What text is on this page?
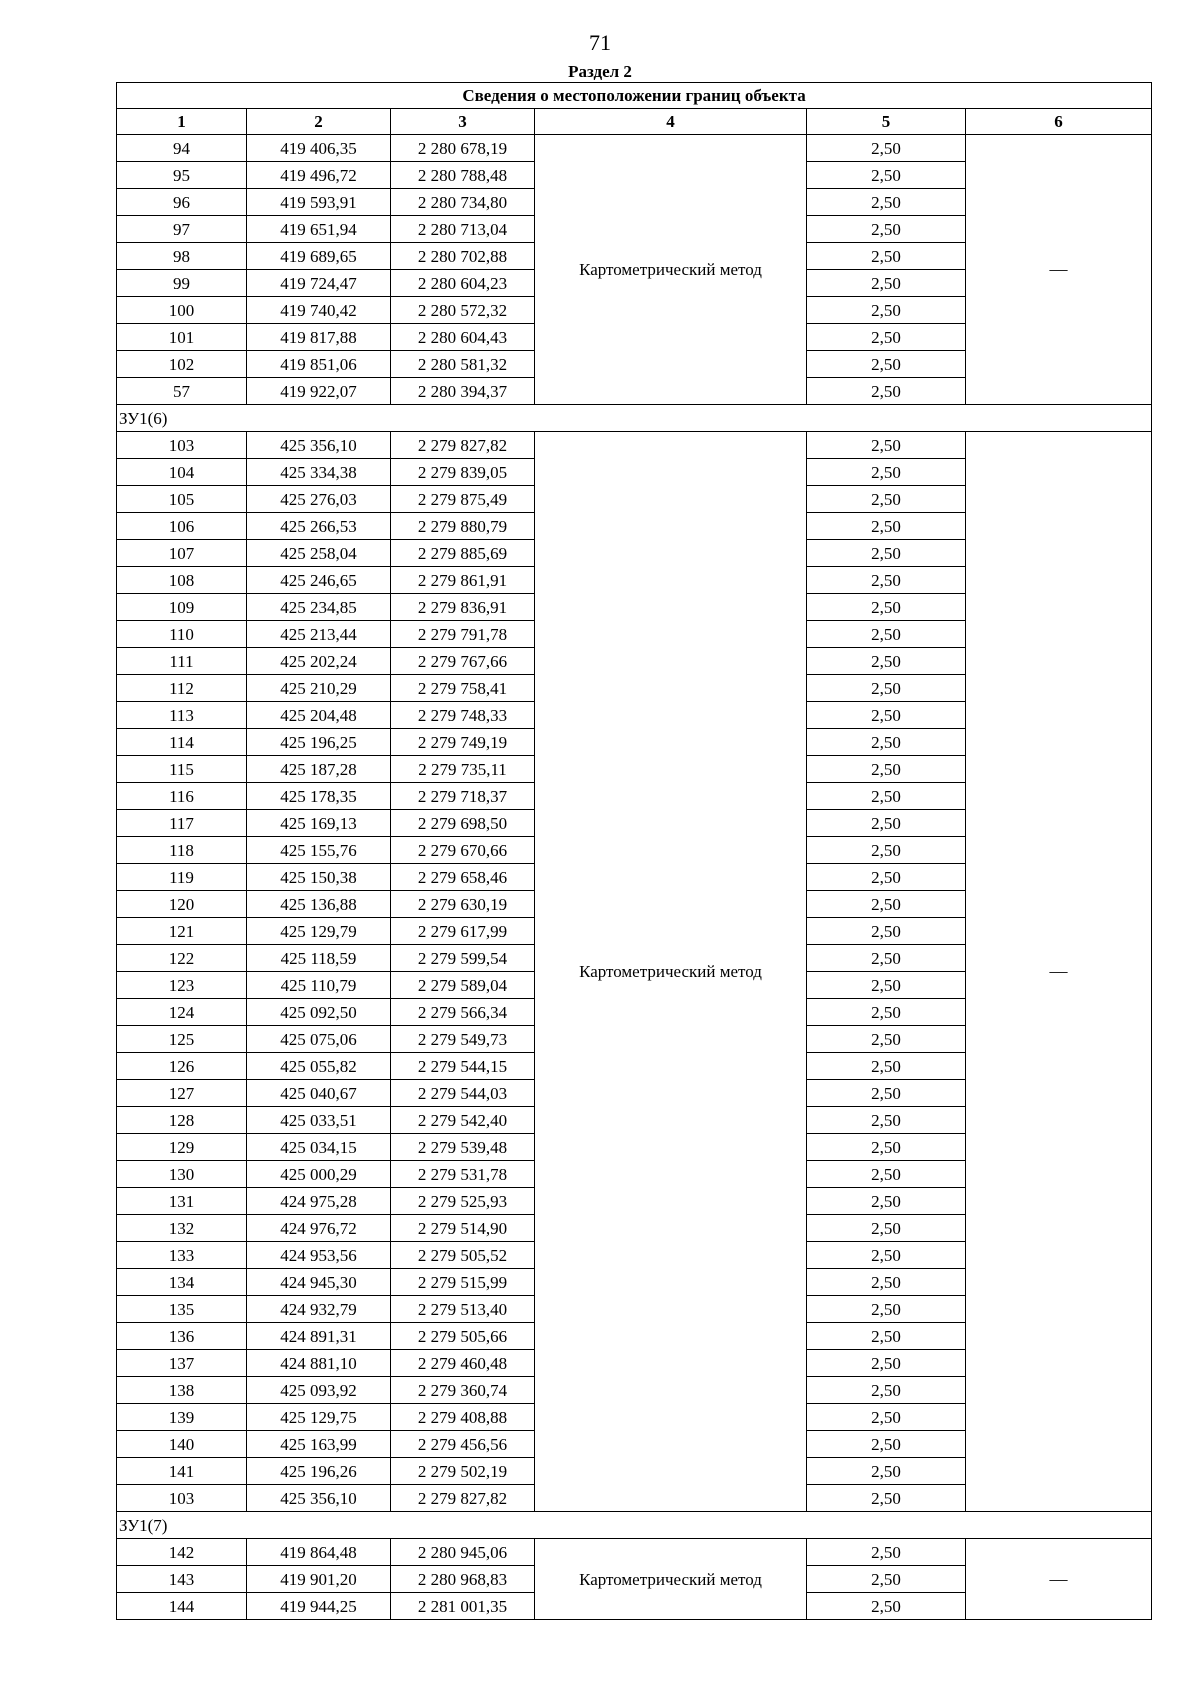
71
Раздел 2
Сведения о местоположении границ объекта					
1	2	3	4	5	6
94	419 406,35	2 280 678,19	Картометрический метод	2,50	—
95	419 496,72	2 280 788,48		2,50	
96	419 593,91	2 280 734,80		2,50	
97	419 651,94	2 280 713,04		2,50	
98	419 689,65	2 280 702,88		2,50	
99	419 724,47	2 280 604,23		2,50	
100	419 740,42	2 280 572,32		2,50	
101	419 817,88	2 280 604,43		2,50	
102	419 851,06	2 280 581,32		2,50	
57	419 922,07	2 280 394,37		2,50	
ЗУ1(6)					
103	425 356,10	2 279 827,82	Картометрический метод	2,50	—
104	425 334,38	2 279 839,05		2,50	
105	425 276,03	2 279 875,49		2,50	
106	425 266,53	2 279 880,79		2,50	
107	425 258,04	2 279 885,69		2,50	
108	425 246,65	2 279 861,91		2,50	
109	425 234,85	2 279 836,91		2,50	
110	425 213,44	2 279 791,78		2,50	
111	425 202,24	2 279 767,66		2,50	
112	425 210,29	2 279 758,41		2,50	
113	425 204,48	2 279 748,33		2,50	
114	425 196,25	2 279 749,19		2,50	
115	425 187,28	2 279 735,11		2,50	
116	425 178,35	2 279 718,37		2,50	
117	425 169,13	2 279 698,50		2,50	
118	425 155,76	2 279 670,66		2,50	
119	425 150,38	2 279 658,46		2,50	
120	425 136,88	2 279 630,19		2,50	
121	425 129,79	2 279 617,99		2,50	
122	425 118,59	2 279 599,54		2,50	
123	425 110,79	2 279 589,04		2,50	
124	425 092,50	2 279 566,34		2,50	
125	425 075,06	2 279 549,73		2,50	
126	425 055,82	2 279 544,15		2,50	
127	425 040,67	2 279 544,03		2,50	
128	425 033,51	2 279 542,40		2,50	
129	425 034,15	2 279 539,48		2,50	
130	425 000,29	2 279 531,78		2,50	
131	424 975,28	2 279 525,93		2,50	
132	424 976,72	2 279 514,90		2,50	
133	424 953,56	2 279 505,52		2,50	
134	424 945,30	2 279 515,99		2,50	
135	424 932,79	2 279 513,40		2,50	
136	424 891,31	2 279 505,66		2,50	
137	424 881,10	2 279 460,48		2,50	
138	425 093,92	2 279 360,74		2,50	
139	425 129,75	2 279 408,88		2,50	
140	425 163,99	2 279 456,56		2,50	
141	425 196,26	2 279 502,19		2,50	
103	425 356,10	2 279 827,82		2,50	
ЗУ1(7)					
142	419 864,48	2 280 945,06	Картометрический метод	2,50	—
143	419 901,20	2 280 968,83		2,50	
144	419 944,25	2 281 001,35		2,50	
